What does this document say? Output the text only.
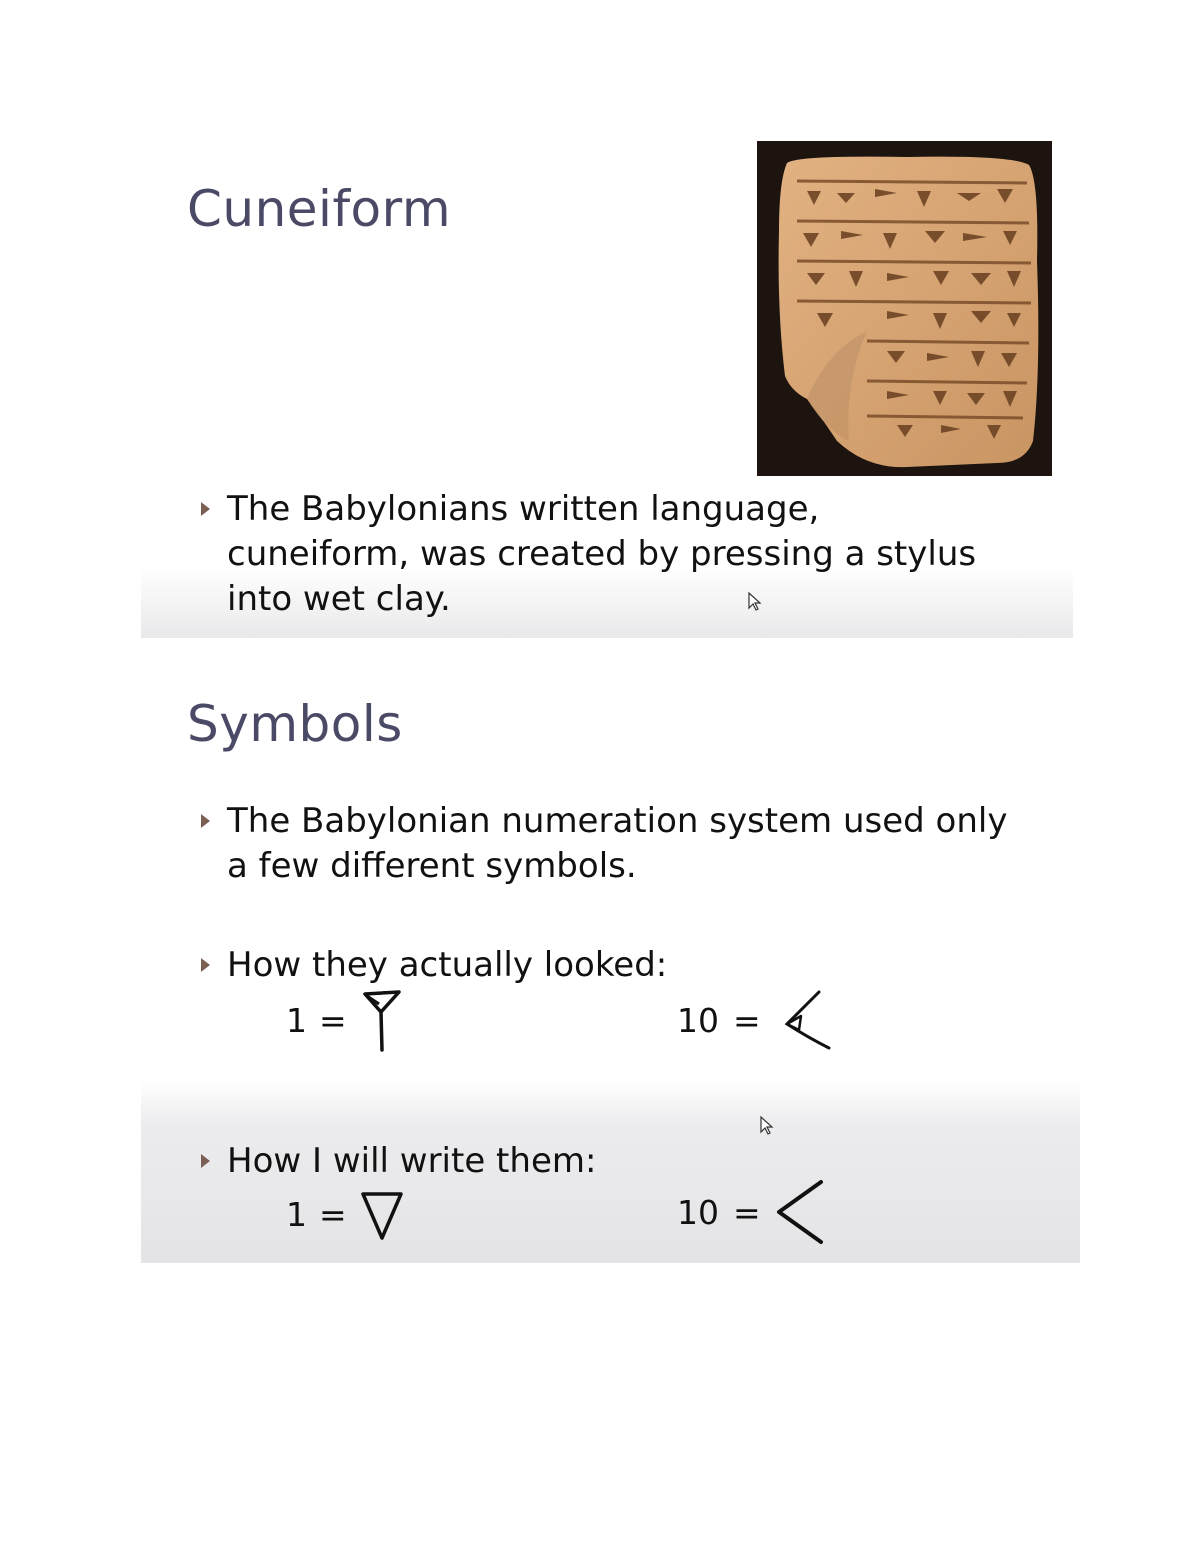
Cuneiform
The Babylonians written language,
cuneiform, was created by pressing a stylus
into wet clay.
Symbols
The Babylonian numeration system used only
a few different symbols.
How they actually looked:
1 =	10 =
How I will write them:
1 =	10 =
